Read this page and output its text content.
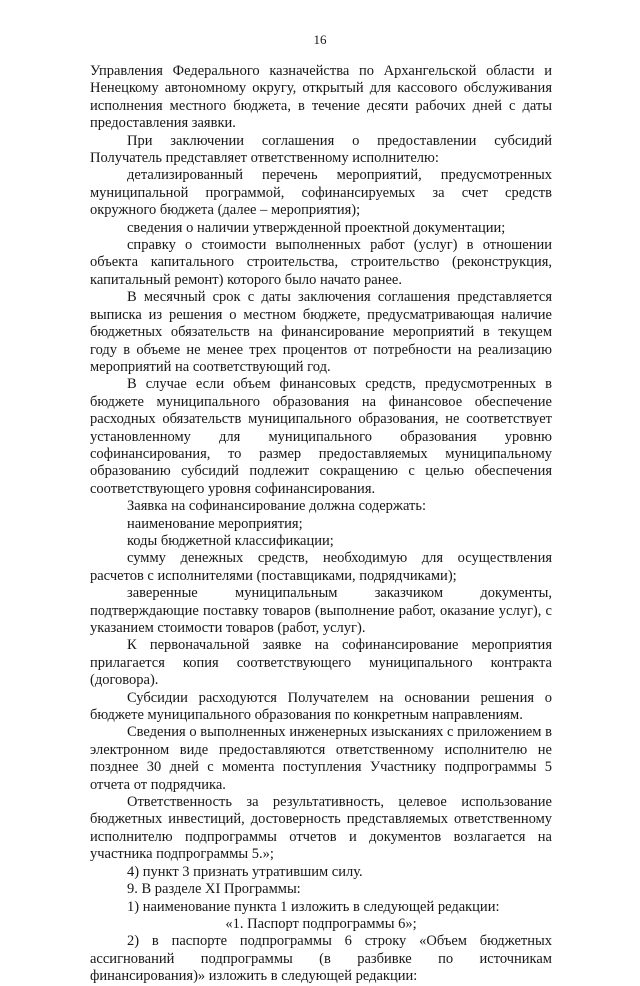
16

Управления Федерального казначейства по Архангельской области и Ненецкому автономному округу, открытый для кассового обслуживания исполнения местного бюджета, в течение десяти рабочих дней с даты предоставления заявки.

При заключении соглашения о предоставлении субсидий Получатель представляет ответственному исполнителю:

детализированный перечень мероприятий, предусмотренных муниципальной программой, софинансируемых за счет средств окружного бюджета (далее – мероприятия);

сведения о наличии утвержденной проектной документации;

справку о стоимости выполненных работ (услуг) в отношении объекта капитального строительства, строительство (реконструкция, капитальный ремонт) которого было начато ранее.

В месячный срок с даты заключения соглашения представляется выписка из решения о местном бюджете, предусматривающая наличие бюджетных обязательств на финансирование мероприятий в текущем году в объеме не менее трех процентов от потребности на реализацию мероприятий на соответствующий год.

В случае если объем финансовых средств, предусмотренных в бюджете муниципального образования на финансовое обеспечение расходных обязательств муниципального образования, не соответствует установленному для муниципального образования уровню софинансирования, то размер предоставляемых муниципальному образованию субсидий подлежит сокращению с целью обеспечения соответствующего уровня софинансирования.

Заявка на софинансирование должна содержать:

наименование мероприятия;

коды бюджетной классификации;

сумму денежных средств, необходимую для осуществления расчетов с исполнителями (поставщиками, подрядчиками);

заверенные муниципальным заказчиком документы, подтверждающие поставку товаров (выполнение работ, оказание услуг), с указанием стоимости товаров (работ, услуг).

К первоначальной заявке на софинансирование мероприятия прилагается копия соответствующего муниципального контракта (договора).

Субсидии расходуются Получателем на основании решения о бюджете муниципального образования по конкретным направлениям.

Сведения о выполненных инженерных изысканиях с приложением в электронном виде предоставляются ответственному исполнителю не позднее 30 дней с момента поступления Участнику подпрограммы 5 отчета от подрядчика.

Ответственность за результативность, целевое использование бюджетных инвестиций, достоверность представляемых ответственному исполнителю подпрограммы отчетов и документов возлагается на участника подпрограммы 5.»;

4) пункт 3 признать утратившим силу.

9. В разделе XI Программы:

1) наименование пункта 1 изложить в следующей редакции:

«1. Паспорт подпрограммы 6»;

2) в паспорте подпрограммы 6 строку «Объем бюджетных ассигнований подпрограммы (в разбивке по источникам финансирования)» изложить в следующей редакции:
